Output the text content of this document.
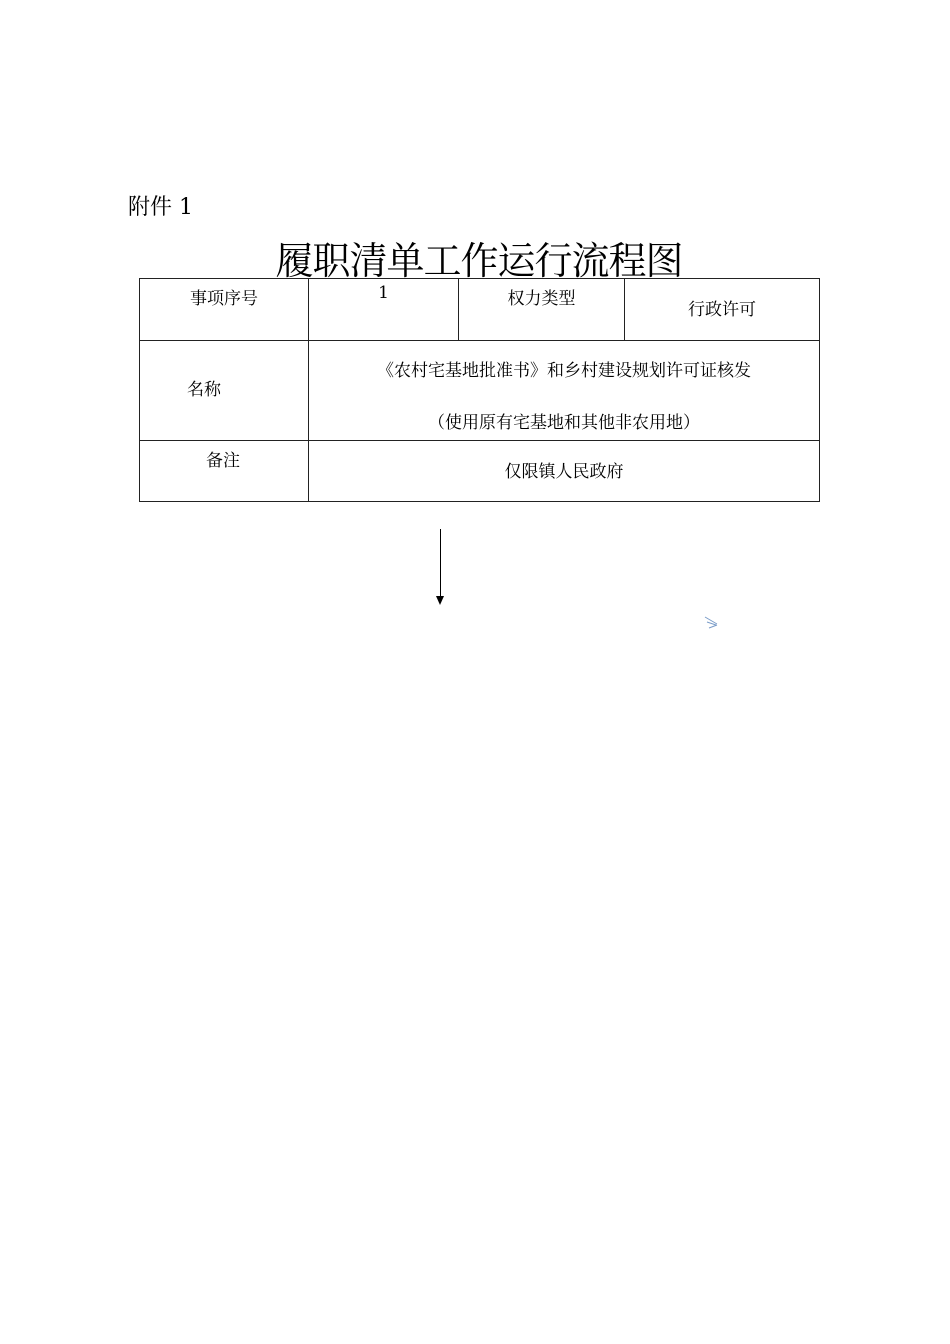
附件 1
履职清单工作运行流程图
事项序号	1	权力类型	行政许可

名称	《农村宅基地批准书》和乡村建设规划许可证核发
（使用原有宅基地和其他非农用地）		

备注	仅限镇人民政府		
